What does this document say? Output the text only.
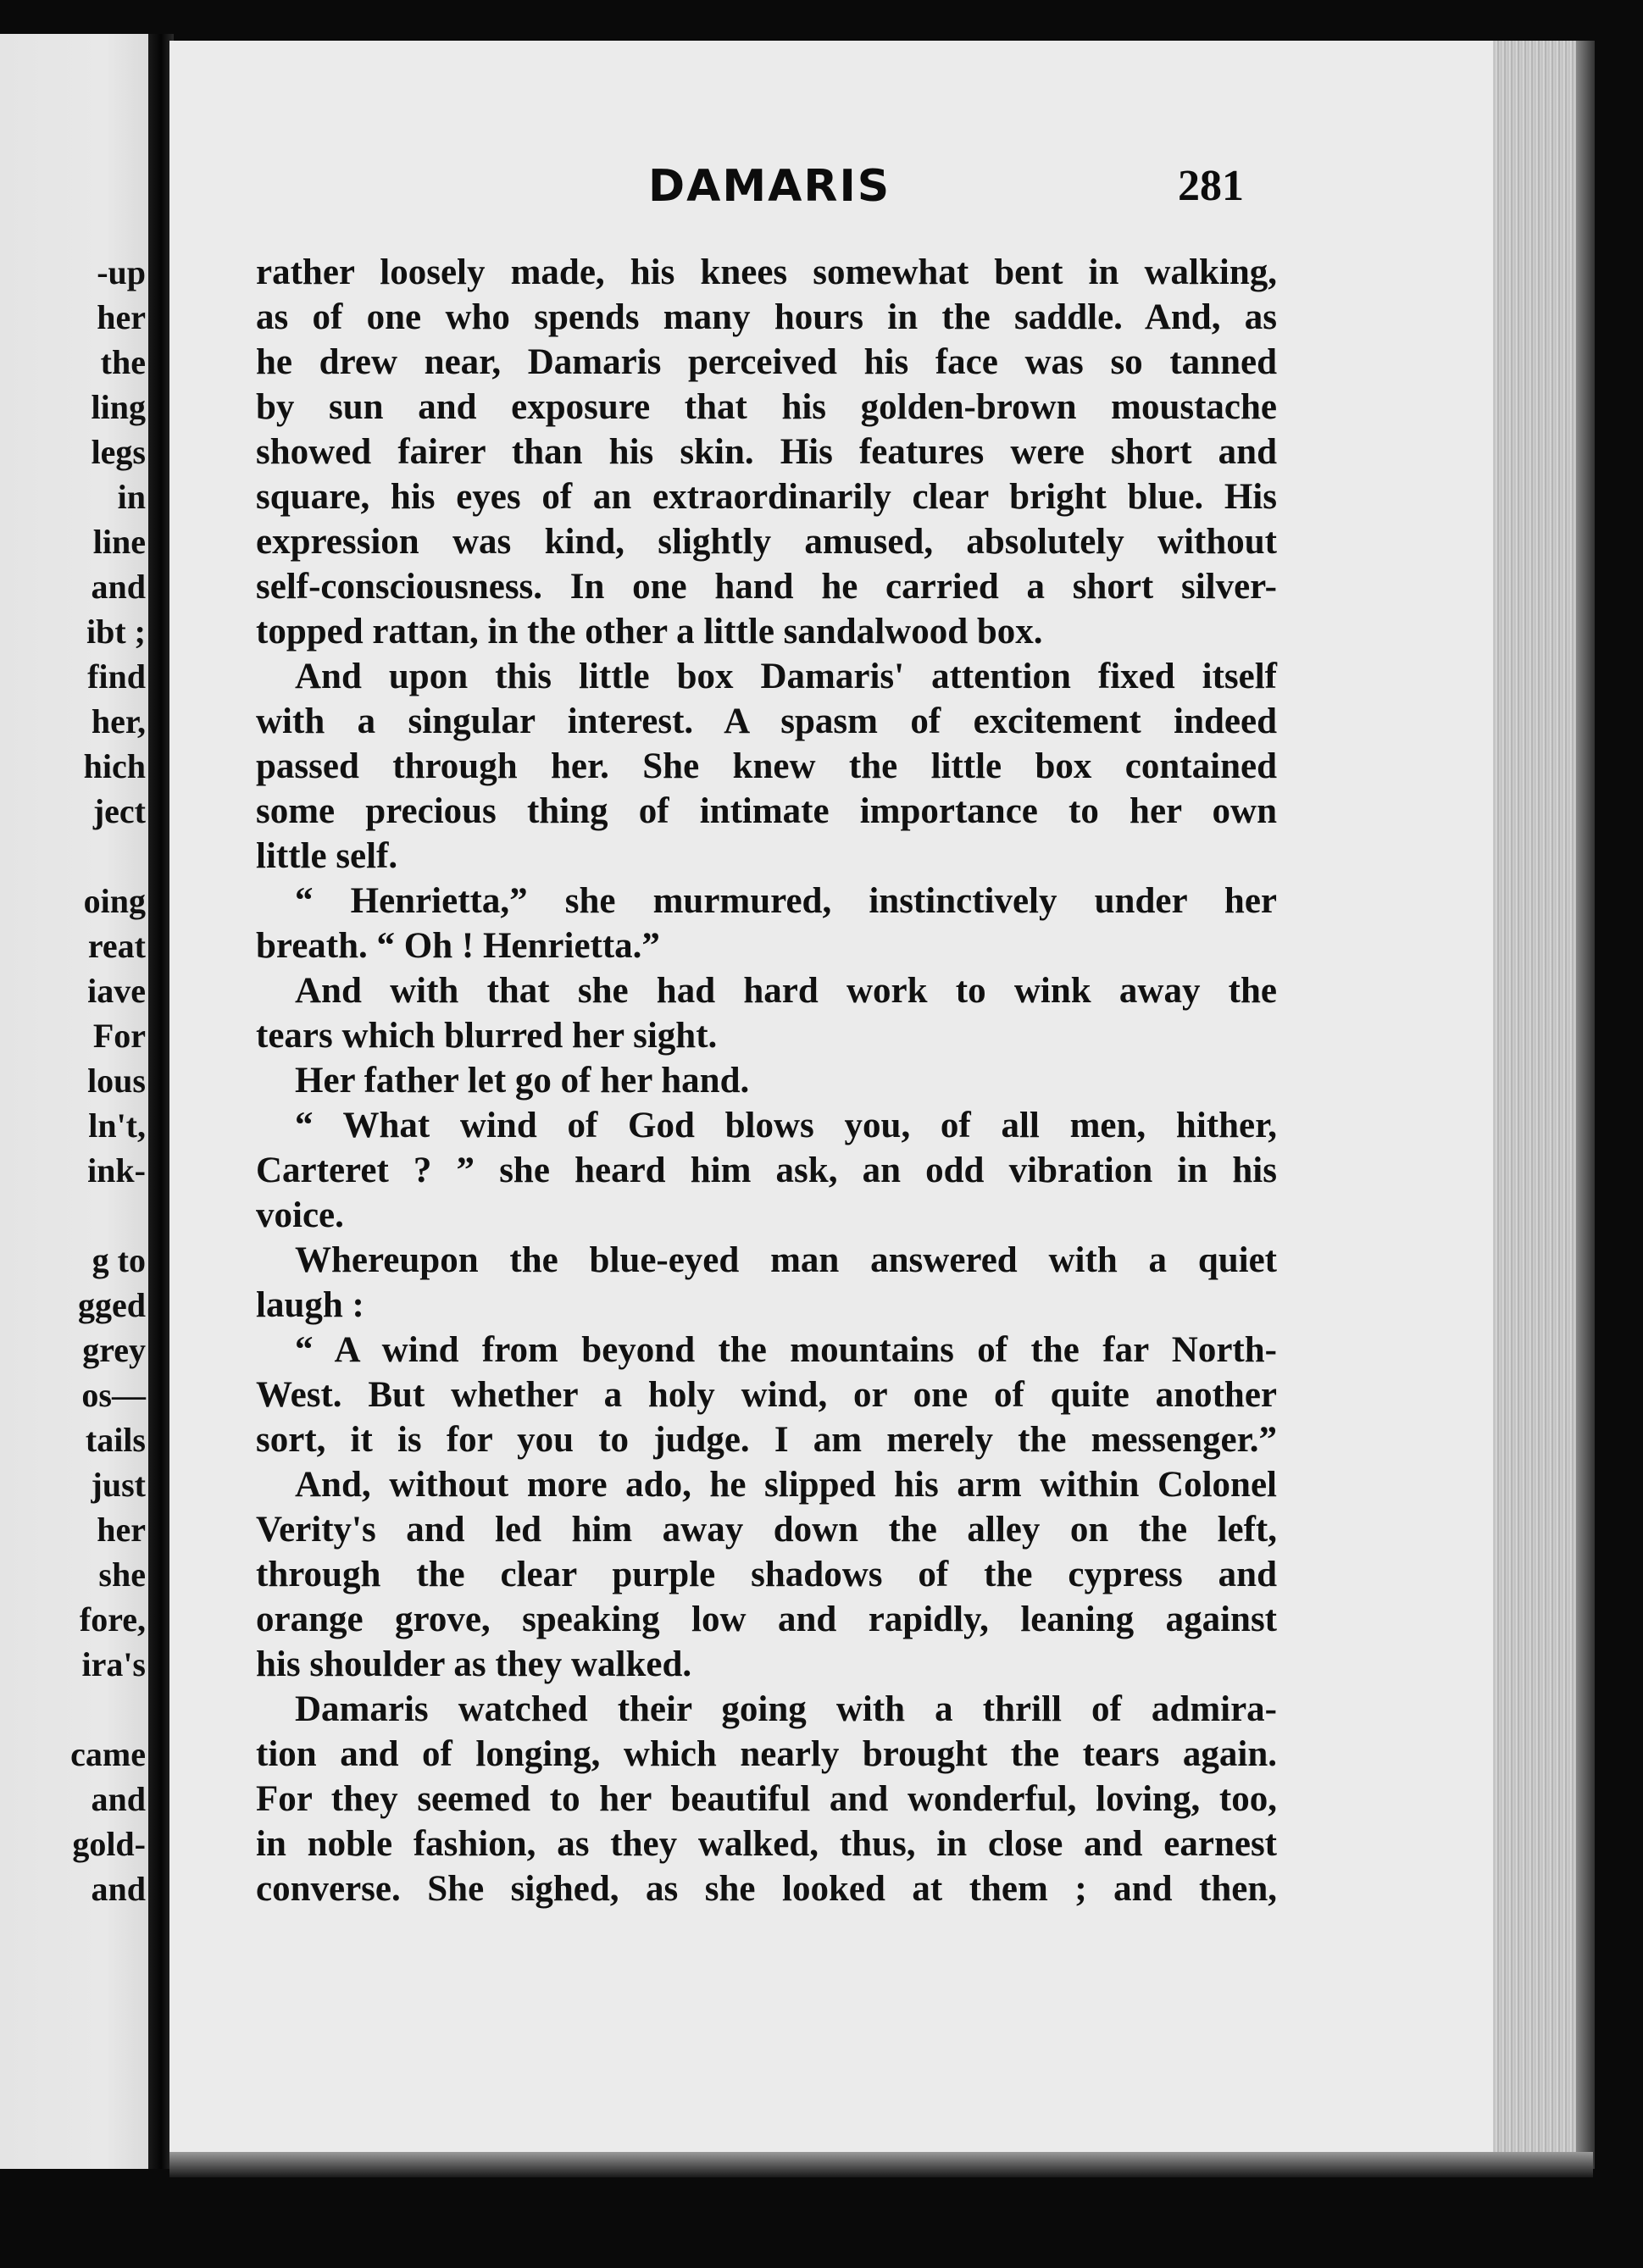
-up
her
the
ling
legs
in
line
and
ibt ;
find
her,
hich
ject
oing
reat
iave
For
lous
ln't,
ink-
g to
gged
grey
os—
tails
just
her
she
fore,
ira's
came
and
gold-
and
DAMARIS	281
rather loosely made, his knees somewhat bent in walking,
as of one who spends many hours in the saddle. And, as
he drew near, Damaris perceived his face was so tanned
by sun and exposure that his golden-brown moustache
showed fairer than his skin. His features were short and
square, his eyes of an extraordinarily clear bright blue. His
expression was kind, slightly amused, absolutely without
self-consciousness. In one hand he carried a short silver-
topped rattan, in the other a little sandalwood box.
And upon this little box Damaris' attention fixed itself
with a singular interest. A spasm of excitement indeed
passed through her. She knew the little box contained
some precious thing of intimate importance to her own
little self.
“ Henrietta,” she murmured, instinctively under her
breath. “ Oh ! Henrietta.”
And with that she had hard work to wink away the
tears which blurred her sight.
Her father let go of her hand.
“ What wind of God blows you, of all men, hither,
Carteret ? ” she heard him ask, an odd vibration in his
voice.
Whereupon the blue-eyed man answered with a quiet
laugh :
“ A wind from beyond the mountains of the far North-
West. But whether a holy wind, or one of quite another
sort, it is for you to judge. I am merely the messenger.”
And, without more ado, he slipped his arm within Colonel
Verity's and led him away down the alley on the left,
through the clear purple shadows of the cypress and
orange grove, speaking low and rapidly, leaning against
his shoulder as they walked.
Damaris watched their going with a thrill of admira-
tion and of longing, which nearly brought the tears again.
For they seemed to her beautiful and wonderful, loving, too,
in noble fashion, as they walked, thus, in close and earnest
converse. She sighed, as she looked at them ; and then,
